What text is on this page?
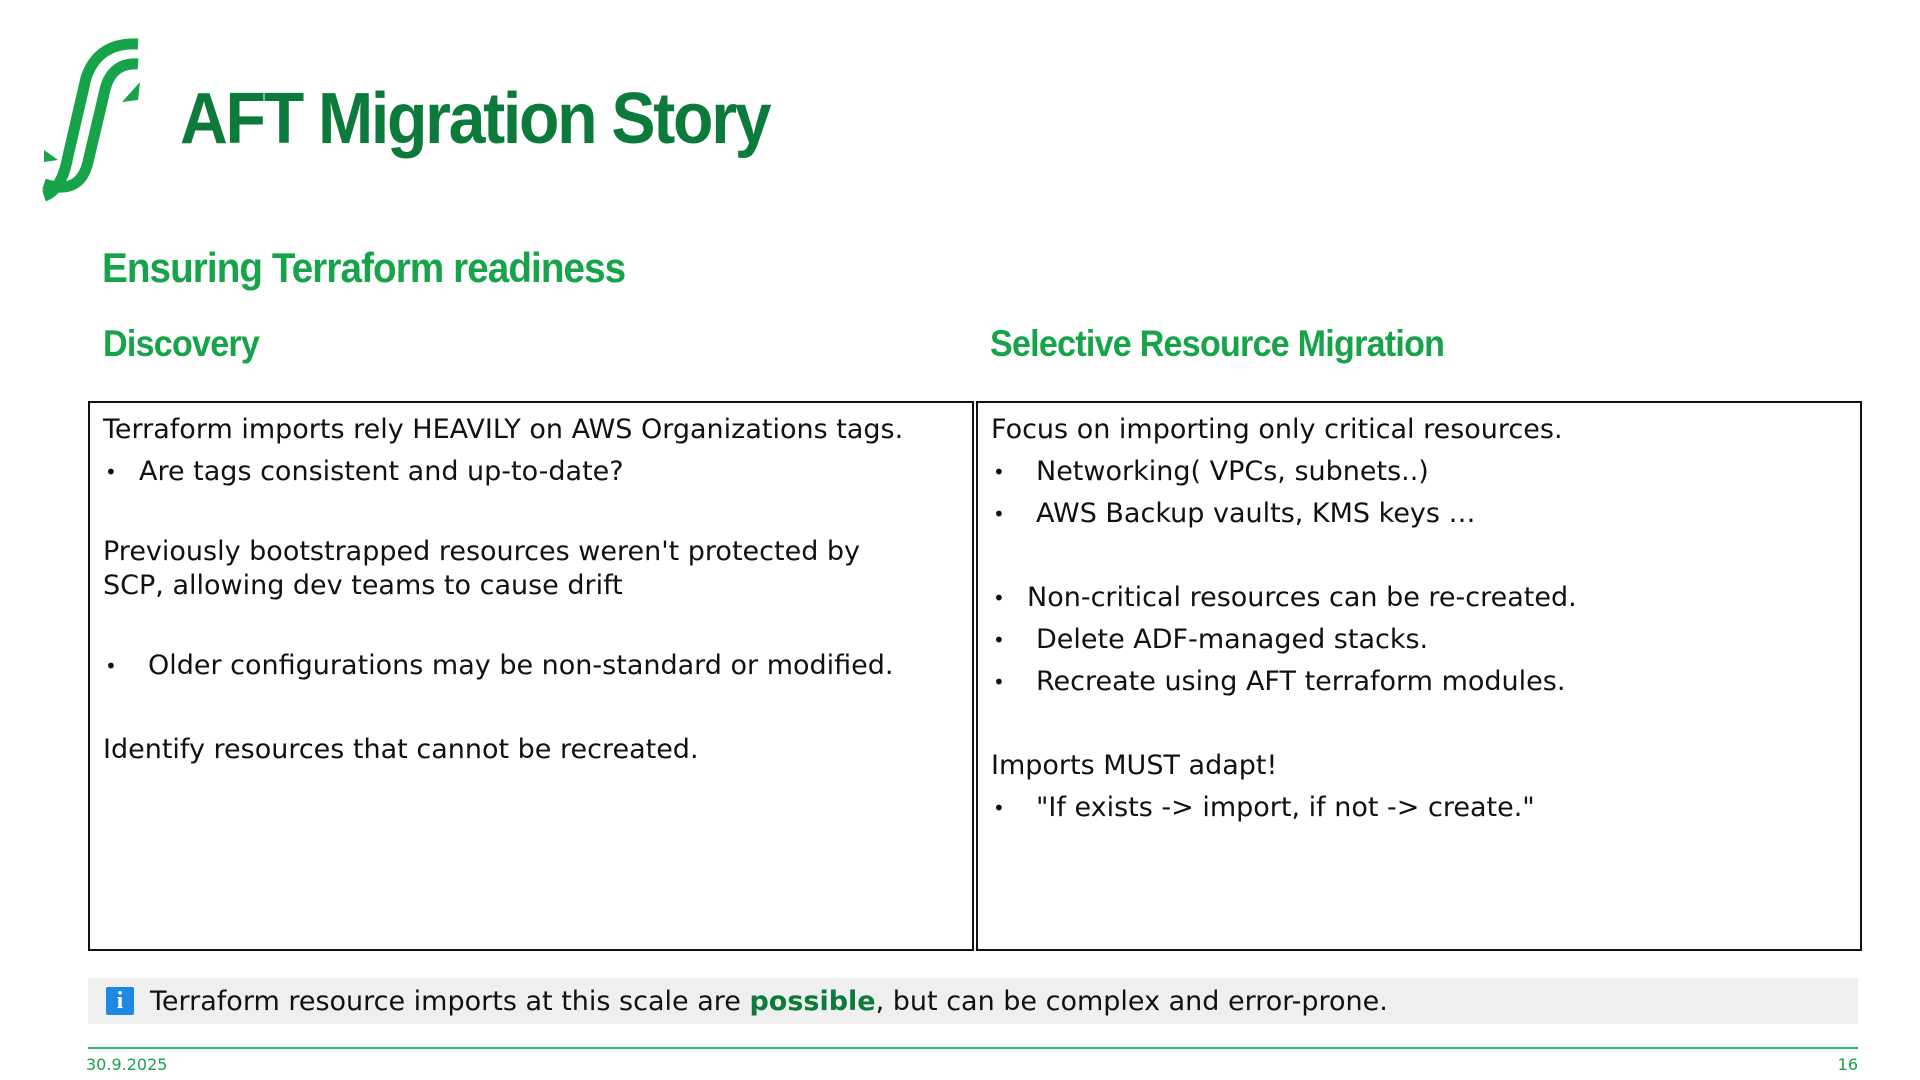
AFT Migration Story
Ensuring Terraform readiness
Discovery	Selective Resource Migration
Terraform imports rely HEAVILY on AWS Organizations tags.
• Are tags consistent and up-to-date?
Previously bootstrapped resources weren't protected by
SCP, allowing dev teams to cause drift
• Older configurations may be non-standard or modified.
Identify resources that cannot be recreated.
Focus on importing only critical resources.
• Networking( VPCs, subnets..)
• AWS Backup vaults, KMS keys …
• Non-critical resources can be re-created.
• Delete ADF-managed stacks.
• Recreate using AFT terraform modules.
Imports MUST adapt!
• "If exists -> import, if not -> create."
i Terraform resource imports at this scale are possible, but can be complex and error-prone.
30.9.2025	16
